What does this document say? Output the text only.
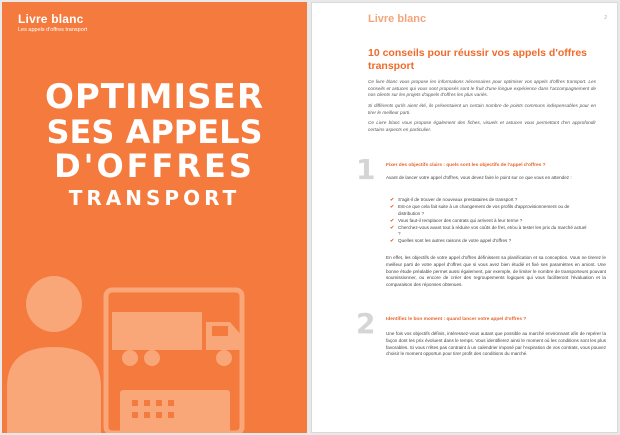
Livre blanc
Les appels d'offres transport
OPTIMISER
SES APPELS
D'OFFRES
TRANSPORT
Livre blanc	2
10 conseils pour réussir vos appels d'offres transport

Ce livre blanc vous propose les informations nécessaires pour optimiser vos appels d'offres transport. Les conseils et astuces qui vous sont proposés sont le fruit d'une longue expérience dans l'accompagnement de nos clients sur les projets d'appels d'offres les plus variés.

Si différents qu'ils aient été, ils présentaient un certain nombre de points communs indispensables pour en tirer le meilleur parti.

Ce Livre blanc vous propose également des fiches, visuels et astuces vous permettant d'en approfondir certains aspects en particulier.

1 Fixer des objectifs clairs : quels sont les objectifs de l'appel d'offres ?
Avant de lancer votre appel d'offres, vous devez faire le point sur ce que vous en attendez :
✔ S'agit-il de trouver de nouveaux prestataires de transport ?
✔ Est-ce que cela fait suite à un changement de vos profils d'approvisionnement ou de distribution ?
✔ Vous faut-il remplacer des contrats qui arrivent à leur terme ?
✔ Cherchez-vous avant tout à réduire vos coûts de fret, et/ou à tester les prix du marché actuel ?
✔ Quelles sont les autres raisons de votre appel d'offres ?
En effet, les objectifs de votre appel d'offres définissent sa planification et sa conception. Vous ne tirerez le meilleur parti de votre appel d'offres que si vous avez bien étudié et fixé ses paramètres en amont. Une bonne étude préalable permet aussi également, par exemple, de limiter le nombre de transporteurs pouvant soumissionner, ou encore de créer des regroupements logiques qui vous faciliteront l'évaluation et la comparaison des réponses obtenues.
2 Identifiez le bon moment : quand lancer votre appel d'offres ?
Une fois vos objectifs définis, intéressez-vous autant que possible au marché environnant afin de repérer la façon dont les prix évoluent dans le temps. Vous identifierez ainsi le moment où les conditions sont les plus favorables. Si vous n'êtes pas contraint à un calendrier imposé par l'expiration de vos contrats, vous pouvez choisir le moment opportun pour tirer profit des conditions du marché.
